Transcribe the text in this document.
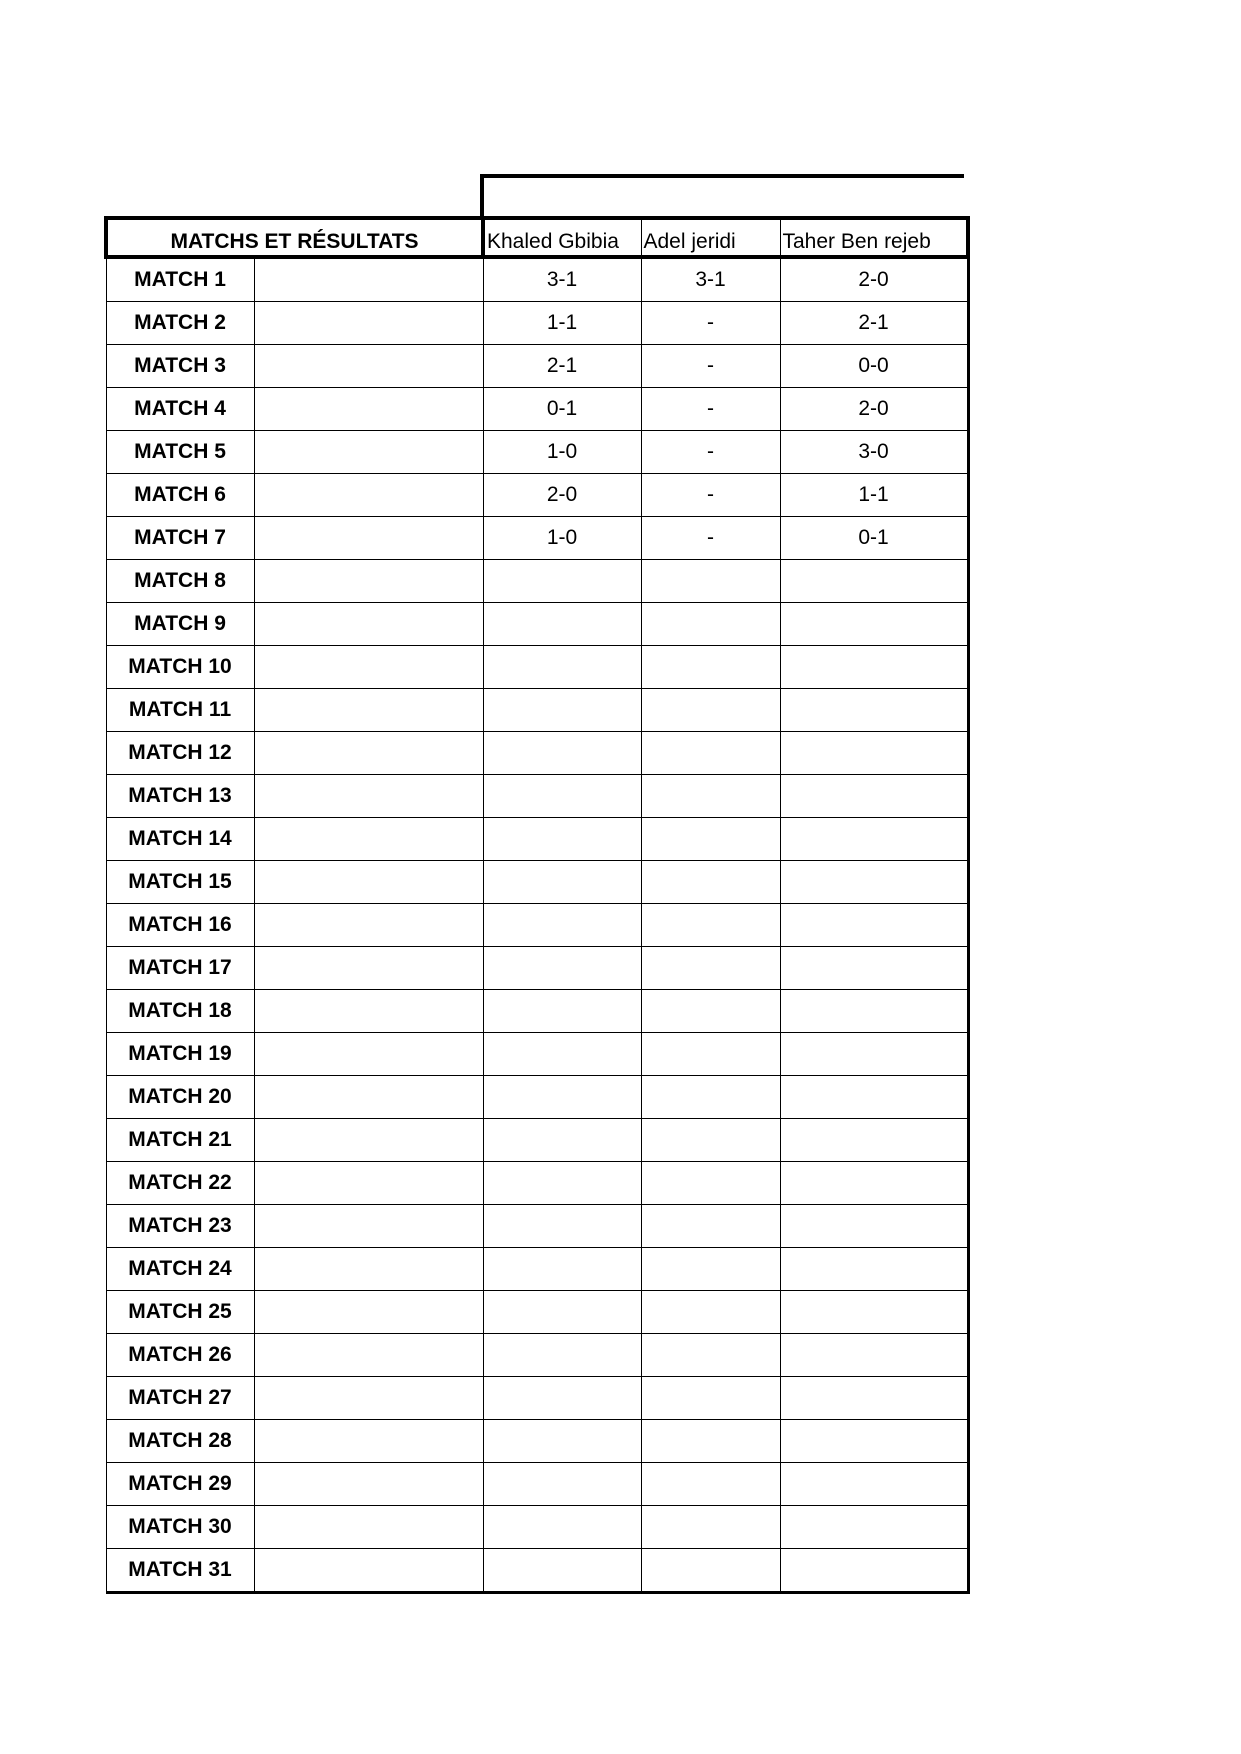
MATCHS ET RÉSULTATS		Khaled Gbibia	Adel jeridi	Taher Ben rejeb
MATCH 1		3-1	3-1	2-0
MATCH 2		1-1	-	2-1
MATCH 3		2-1	-	0-0
MATCH 4		0-1	-	2-0
MATCH 5		1-0	-	3-0
MATCH 6		2-0	-	1-1
MATCH 7		1-0	-	0-1
MATCH 8				
MATCH 9				
MATCH 10				
MATCH 11				
MATCH 12				
MATCH 13				
MATCH 14				
MATCH 15				
MATCH 16				
MATCH 17				
MATCH 18				
MATCH 19				
MATCH 20				
MATCH 21				
MATCH 22				
MATCH 23				
MATCH 24				
MATCH 25				
MATCH 26				
MATCH 27				
MATCH 28				
MATCH 29				
MATCH 30				
MATCH 31				
